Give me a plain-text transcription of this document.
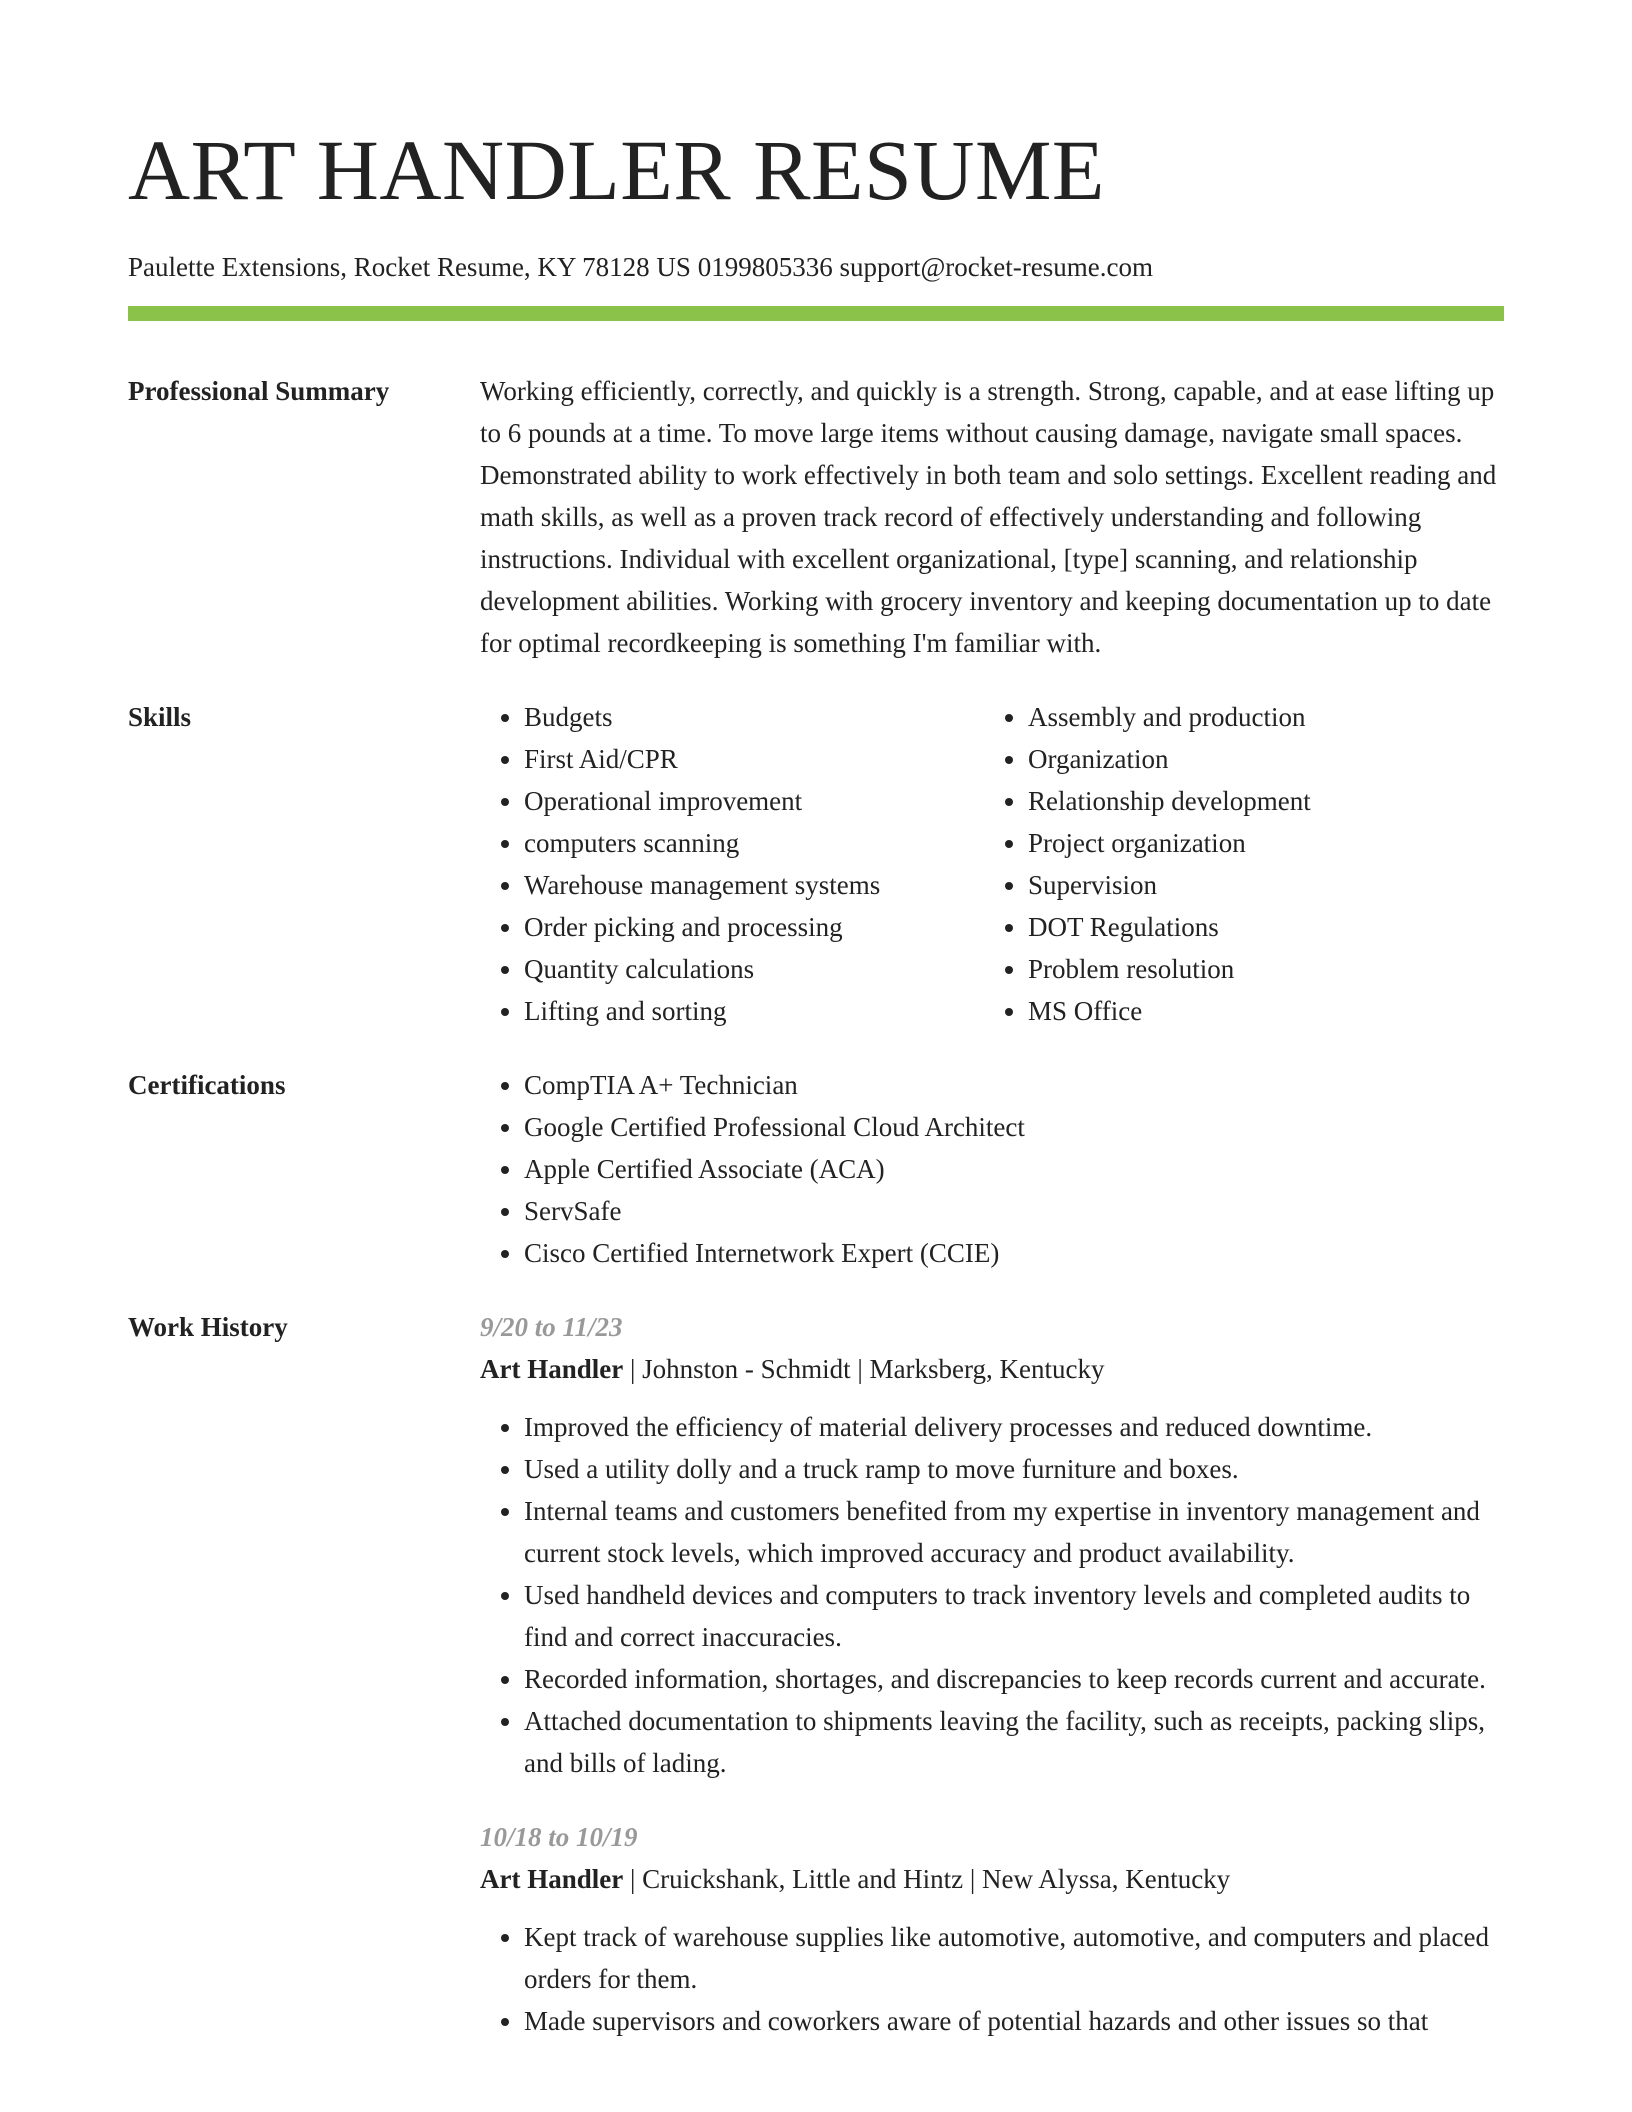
ART HANDLER RESUME
Paulette Extensions, Rocket Resume, KY 78128 US 0199805336 support@rocket-resume.com
Professional Summary	Working efficiently, correctly, and quickly is a strength. Strong, capable, and at ease lifting up to 6 pounds at a time. To move large items without causing damage, navigate small spaces. Demonstrated ability to work effectively in both team and solo settings. Excellent reading and math skills, as well as a proven track record of effectively understanding and following instructions. Individual with excellent organizational, [type] scanning, and relationship development abilities. Working with grocery inventory and keeping documentation up to date for optimal recordkeeping is something I'm familiar with.

Skills	• Budgets
• First Aid/CPR
• Operational improvement
• computers scanning
• Warehouse management systems
• Order picking and processing
• Quantity calculations
• Lifting and sorting
• Assembly and production
• Organization
• Relationship development
• Project organization
• Supervision
• DOT Regulations
• Problem resolution
• MS Office
Certifications	• CompTIA A+ Technician
• Google Certified Professional Cloud Architect
• Apple Certified Associate (ACA)
• ServSafe
• Cisco Certified Internetwork Expert (CCIE)
Work History	9/20 to 11/23
Art Handler | Johnston - Schmidt | Marksberg, Kentucky
• Improved the efficiency of material delivery processes and reduced downtime.
• Used a utility dolly and a truck ramp to move furniture and boxes.
• Internal teams and customers benefited from my expertise in inventory management and current stock levels, which improved accuracy and product availability.
• Used handheld devices and computers to track inventory levels and completed audits to find and correct inaccuracies.
• Recorded information, shortages, and discrepancies to keep records current and accurate.
• Attached documentation to shipments leaving the facility, such as receipts, packing slips, and bills of lading.
10/18 to 10/19
Art Handler | Cruickshank, Little and Hintz | New Alyssa, Kentucky
• Kept track of warehouse supplies like automotive, automotive, and computers and placed orders for them.
• Made supervisors and coworkers aware of potential hazards and other issues so that
